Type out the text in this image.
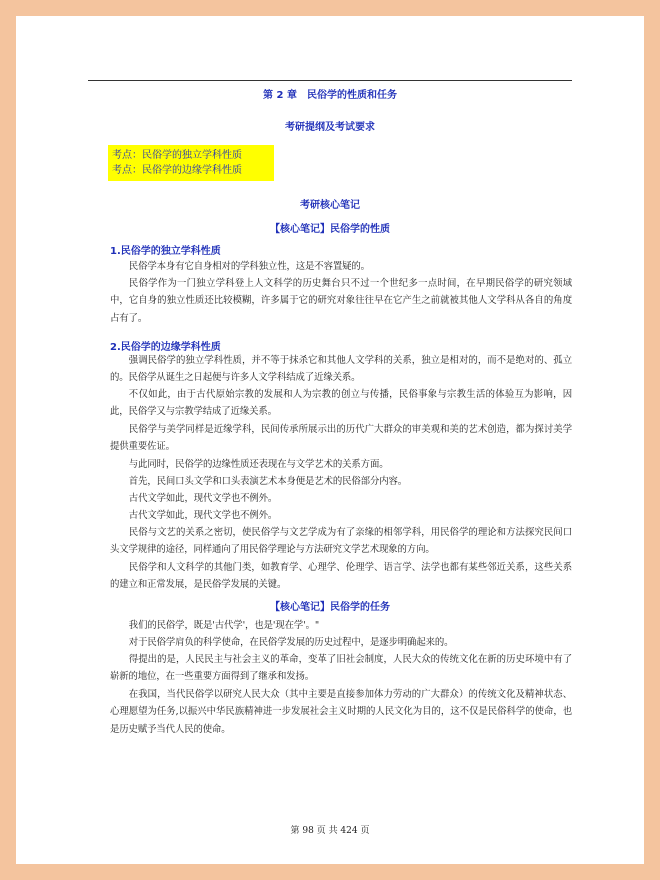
第 2 章　民俗学的性质和任务
考研提纲及考试要求
考点：民俗学的独立学科性质
考点：民俗学的边缘学科性质
考研核心笔记
【核心笔记】民俗学的性质
1.民俗学的独立学科性质
民俗学本身有它自身相对的学科独立性，这是不容置疑的。
民俗学作为一门独立学科登上人文科学的历史舞台只不过一个世纪多一点时间，在早期民俗学的研究领域中，它自身的独立性质还比较模糊，许多属于它的研究对象往往早在它产生之前就被其他人文学科从各自的角度占有了。
2.民俗学的边缘学科性质
强调民俗学的独立学科性质，并不等于抹杀它和其他人文学科的关系，独立是相对的，而不是绝对的、孤立的。民俗学从诞生之日起便与许多人文学科结成了近缘关系。
不仅如此，由于古代原始宗教的发展和人为宗教的创立与传播，民俗事象与宗教生活的体验互为影响，因此，民俗学又与宗教学结成了近缘关系。
民俗学与美学同样是近缘学科，民间传承所展示出的历代广大群众的审美观和美的艺术创造，都为探讨美学提供重要佐证。
与此同时，民俗学的边缘性质还表现在与文学艺术的关系方面。
首先，民间口头文学和口头表演艺术本身便是艺术的民俗部分内容。
古代文学如此，现代文学也不例外。
古代文学如此，现代文学也不例外。
民俗与文艺的关系之密切，使民俗学与文艺学成为有了亲缘的相邻学科，用民俗学的理论和方法探究民间口头文学规律的途径，同样通向了用民俗学理论与方法研究文学艺术现象的方向。
民俗学和人文科学的其他门类，如教育学、心理学、伦理学、语言学、法学也都有某些邻近关系，这些关系的建立和正常发展，是民俗学发展的关键。
【核心笔记】民俗学的任务
我们的民俗学，既是'古代学'，也是'现在学'。"
对于民俗学肩负的科学使命，在民俗学发展的历史过程中，是逐步明确起来的。
得提出的是，人民民主与社会主义的革命，变革了旧社会制度，人民大众的传统文化在新的历史环境中有了崭新的地位，在一些重要方面得到了继承和发扬。
在我国，当代民俗学以研究人民大众（其中主要是直接参加体力劳动的广大群众）的传统文化及精神状态、心理愿望为任务,以振兴中华民族精神进一步发展社会主义时期的人民文化为目的，这不仅是民俗科学的使命，也是历史赋予当代人民的使命。
第 98 页 共 424 页
